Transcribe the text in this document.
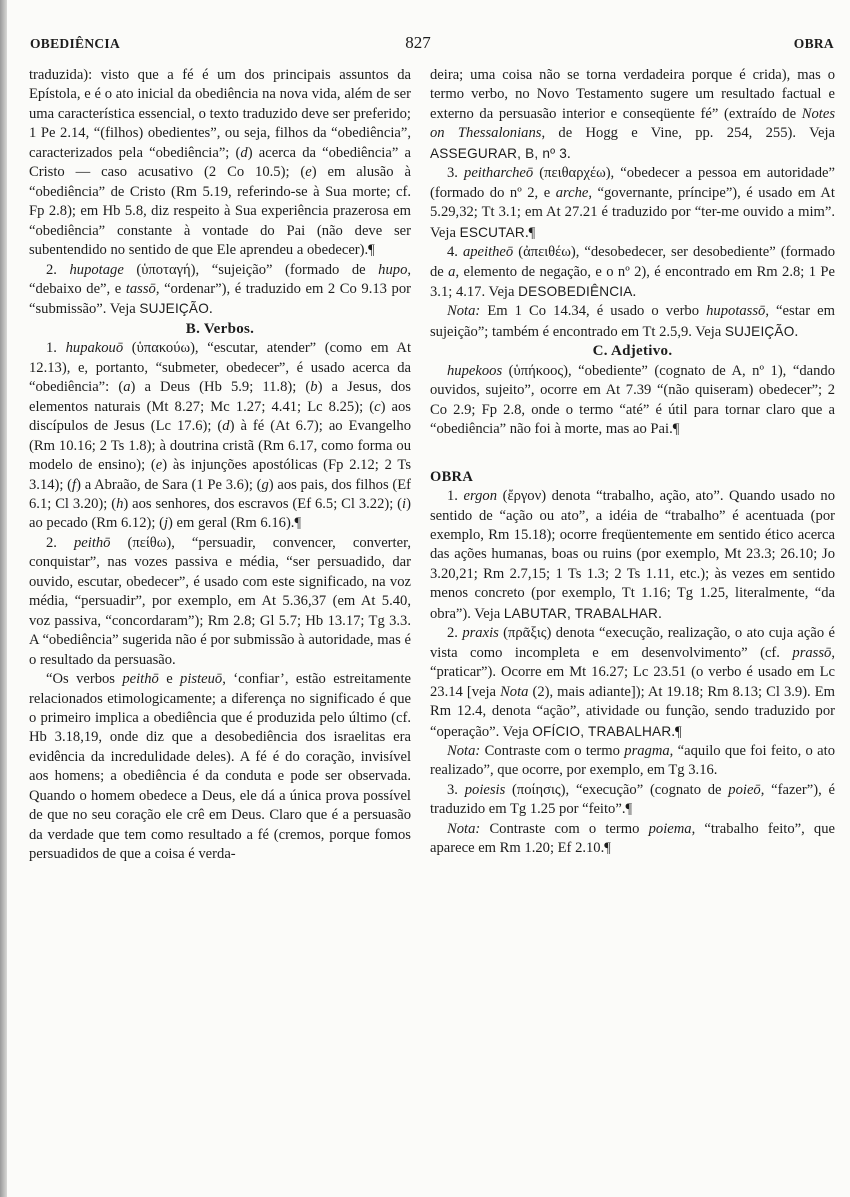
OBEDIÊNCIA	827	OBRA

traduzida): visto que a fé é um dos principais assuntos da Epístola, e é o ato inicial da obediência na nova vida, além de ser uma característica essencial, o texto traduzido deve ser preferido; 1 Pe 2.14, “(filhos) obedientes”, ou seja, filhos da “obediência”, caracterizados pela “obediência”; (d) acerca da “obediência” a Cristo — caso acusativo (2 Co 10.5); (e) em alusão à “obediência” de Cristo (Rm 5.19, referindo-se à Sua morte; cf. Fp 2.8); em Hb 5.8, diz respeito à Sua experiência prazerosa em “obediência” constante à vontade do Pai (não deve ser subentendido no sentido de que Ele aprendeu a obedecer).¶

2. hupotage (ὑποταγή), “sujeição” (formado de hupo, “debaixo de”, e tassō, “ordenar”), é traduzido em 2 Co 9.13 por “submissão”. Veja SUJEIÇÃO.

B. Verbos.

1. hupakouō (ὑπακούω), “escutar, atender” (como em At 12.13), e, portanto, “submeter, obedecer”, é usado acerca da “obediência”: (a) a Deus (Hb 5.9; 11.8); (b) a Jesus, dos elementos naturais (Mt 8.27; Mc 1.27; 4.41; Lc 8.25); (c) aos discípulos de Jesus (Lc 17.6); (d) à fé (At 6.7); ao Evangelho (Rm 10.16; 2 Ts 1.8); à doutrina cristã (Rm 6.17, como forma ou modelo de ensino); (e) às injunções apostólicas (Fp 2.12; 2 Ts 3.14); (f) a Abraão, de Sara (1 Pe 3.6); (g) aos pais, dos filhos (Ef 6.1; Cl 3.20); (h) aos senhores, dos escravos (Ef 6.5; Cl 3.22); (i) ao pecado (Rm 6.12); (j) em geral (Rm 6.16).¶

2. peithō (πείθω), “persuadir, convencer, converter, conquistar”, nas vozes passiva e média, “ser persuadido, dar ouvido, escutar, obedecer”, é usado com este significado, na voz média, “persuadir”, por exemplo, em At 5.36,37 (em At 5.40, voz passiva, “concordaram”); Rm 2.8; Gl 5.7; Hb 13.17; Tg 3.3. A “obediência” sugerida não é por submissão à autoridade, mas é o resultado da persuasão.

“Os verbos peithō e pisteuō, ‘confiar’, estão estreitamente relacionados etimologicamente; a diferença no significado é que o primeiro implica a obediência que é produzida pelo último (cf. Hb 3.18,19, onde diz que a desobediência dos israelitas era evidência da incredulidade deles). A fé é do coração, invisível aos homens; a obediência é da conduta e pode ser observada. Quando o homem obedece a Deus, ele dá a única prova possível de que no seu coração ele crê em Deus. Claro que é a persuasão da verdade que tem como resultado a fé (cremos, porque fomos persuadidos de que a coisa é verda-

deira; uma coisa não se torna verdadeira porque é crida), mas o termo verbo, no Novo Testamento sugere um resultado factual e externo da persuasão interior e conseqüente fé” (extraído de Notes on Thessalonians, de Hogg e Vine, pp. 254, 255). Veja ASSEGURAR, B, nº 3.

3. peitharcheō (πειθαρχέω), “obedecer a pessoa em autoridade” (formado do nº 2, e arche, “governante, príncipe”), é usado em At 5.29,32; Tt 3.1; em At 27.21 é traduzido por “ter-me ouvido a mim”. Veja ESCUTAR.¶

4. apeitheō (ἀπειθέω), “desobedecer, ser desobediente” (formado de a, elemento de negação, e o nº 2), é encontrado em Rm 2.8; 1 Pe 3.1; 4.17. Veja DESOBEDIÊNCIA.

Nota: Em 1 Co 14.34, é usado o verbo hupotassō, “estar em sujeição”; também é encontrado em Tt 2.5,9. Veja SUJEIÇÃO.

C. Adjetivo.

hupekoos (ὑπήκοος), “obediente” (cognato de A, nº 1), “dando ouvidos, sujeito”, ocorre em At 7.39 “(não quiseram) obedecer”; 2 Co 2.9; Fp 2.8, onde o termo “até” é útil para tornar claro que a “obediência” não foi à morte, mas ao Pai.¶

OBRA

1. ergon (ἔργον) denota “trabalho, ação, ato”. Quando usado no sentido de “ação ou ato”, a idéia de “trabalho” é acentuada (por exemplo, Rm 15.18); ocorre freqüentemente em sentido ético acerca das ações humanas, boas ou ruins (por exemplo, Mt 23.3; 26.10; Jo 3.20,21; Rm 2.7,15; 1 Ts 1.3; 2 Ts 1.11, etc.); às vezes em sentido menos concreto (por exemplo, Tt 1.16; Tg 1.25, literalmente, “da obra”). Veja LABUTAR, TRABALHAR.

2. praxis (πρᾶξις) denota “execução, realização, o ato cuja ação é vista como incompleta e em desenvolvimento” (cf. prassō, “praticar”). Ocorre em Mt 16.27; Lc 23.51 (o verbo é usado em Lc 23.14 [veja Nota (2), mais adiante]); At 19.18; Rm 8.13; Cl 3.9). Em Rm 12.4, denota “ação”, atividade ou função, sendo traduzido por “operação”. Veja OFÍCIO, TRABALHAR.¶

Nota: Contraste com o termo pragma, “aquilo que foi feito, o ato realizado”, que ocorre, por exemplo, em Tg 3.16.

3. poiesis (ποίησις), “execução” (cognato de poieō, “fazer”), é traduzido em Tg 1.25 por “feito”.¶

Nota: Contraste com o termo poiema, “trabalho feito”, que aparece em Rm 1.20; Ef 2.10.¶
